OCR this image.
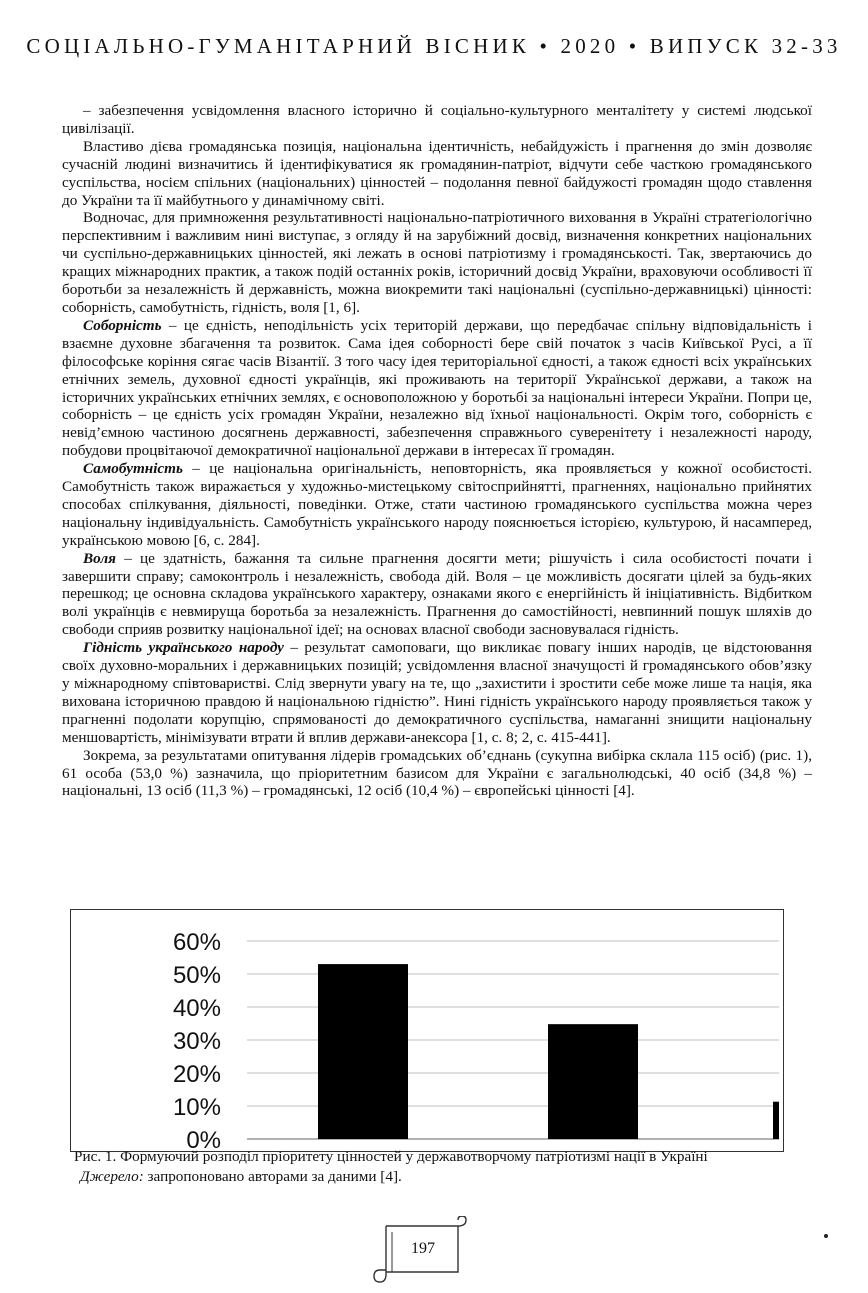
СОЦІАЛЬНО-ГУМАНІТАРНИЙ ВІСНИК • 2020 • ВИПУСК 32-33

– забезпечення усвідомлення власного історично й соціально-культурного менталітету у системі людської цивілізації.

Властиво дієва громадянська позиція, національна ідентичність, небайдужість і прагнення до змін дозволяє сучасній людині визначитись й ідентифікуватися як громадянин-патріот, відчути себе часткою громадянського суспільства, носієм спільних (національних) цінностей – подолання певної байдужості громадян щодо ставлення до України та її майбутнього у динамічному світі.

Водночас, для примноження результативності національно-патріотичного виховання в Україні стратегіологічно перспективним і важливим нині виступає, з огляду й на зарубіжний досвід, визначення конкретних національних чи суспільно-державницьких цінностей, які лежать в основі патріотизму і громадянськості. Так, звертаючись до кращих міжнародних практик, а також подій останніх років, історичний досвід України, враховуючи особливості її боротьби за незалежність й державність, можна виокремити такі національні (суспільно-державницькі) цінності: соборність, самобутність, гідність, воля [1, 6].

Соборність – це єдність, неподільність усіх територій держави, що передбачає спільну відповідальність і взаємне духовне збагачення та розвиток. Сама ідея соборності бере свій початок з часів Київської Русі, а її філософське коріння сягає часів Візантії. З того часу ідея територіальної єдності, а також єдності всіх українських етнічних земель, духовної єдності українців, які проживають на території Української держави, а також на історичних українських етнічних землях, є основоположною у боротьбі за національні інтереси України. Попри це, соборність – це єдність усіх громадян України, незалежно від їхньої національності. Окрім того, соборність є невід’ємною частиною досягнень державності, забезпечення справжнього суверенітету і незалежності народу, побудови процвітаючої демократичної національної держави в інтересах її громадян.

Самобутність – це національна оригінальність, неповторність, яка проявляється у кожної особистості. Самобутність також виражається у художньо-мистецькому світосприйнятті, прагненнях, національно прийнятих способах спілкування, діяльності, поведінки. Отже, стати частиною громадянського суспільства можна через національну індивідуальність. Самобутність українського народу пояснюється історією, культурою, й насамперед, українською мовою [6, с. 284].

Воля – це здатність, бажання та сильне прагнення досягти мети; рішучість і сила особистості почати і завершити справу; самоконтроль і незалежність, свобода дій. Воля – це можливість досягати цілей за будь-яких перешкод; це основна складова українського характеру, ознаками якого є енергійність й ініціативність. Відбитком волі українців є невмируща боротьба за незалежність. Прагнення до самостійності, невпинний пошук шляхів до свободи сприяв розвитку національної ідеї; на основах власної свободи засновувалася гідність.

Гідність українського народу – результат самоповаги, що викликає повагу інших народів, це відстоювання своїх духовно-моральних і державницьких позицій; усвідомлення власної значущості й громадянського обов’язку у міжнародному співтоваристві. Слід звернути увагу на те, що „захистити і зростити себе може лише та нація, яка вихована історичною правдою й національною гідністю”. Нині гідність українського народу проявляється також у прагненні подолати корупцію, спрямованості до демократичного суспільства, намаганні знищити національну меншовартість, мінімізувати втрати й вплив держави-анексора [1, с. 8; 2, с. 415-441].

Зокрема, за результатами опитування лідерів громадських об’єднань (сукупна вибірка склала 115 осіб) (рис. 1), 61 особа (53,0 %) зазначила, що пріоритетним базисом для України є загальнолюдські, 40 осіб (34,8 %) – національні, 13 осіб (11,3 %) – громадянські, 12 осіб (10,4 %) – європейські цінності [4].

0%
10%
20%
30%
40%
50%
60%
Рис. 1. Формуючий розподіл пріоритету цінностей у державотворчому патріотизмі нації в Україні
Джерело: запропоновано авторами за даними [4].
197
